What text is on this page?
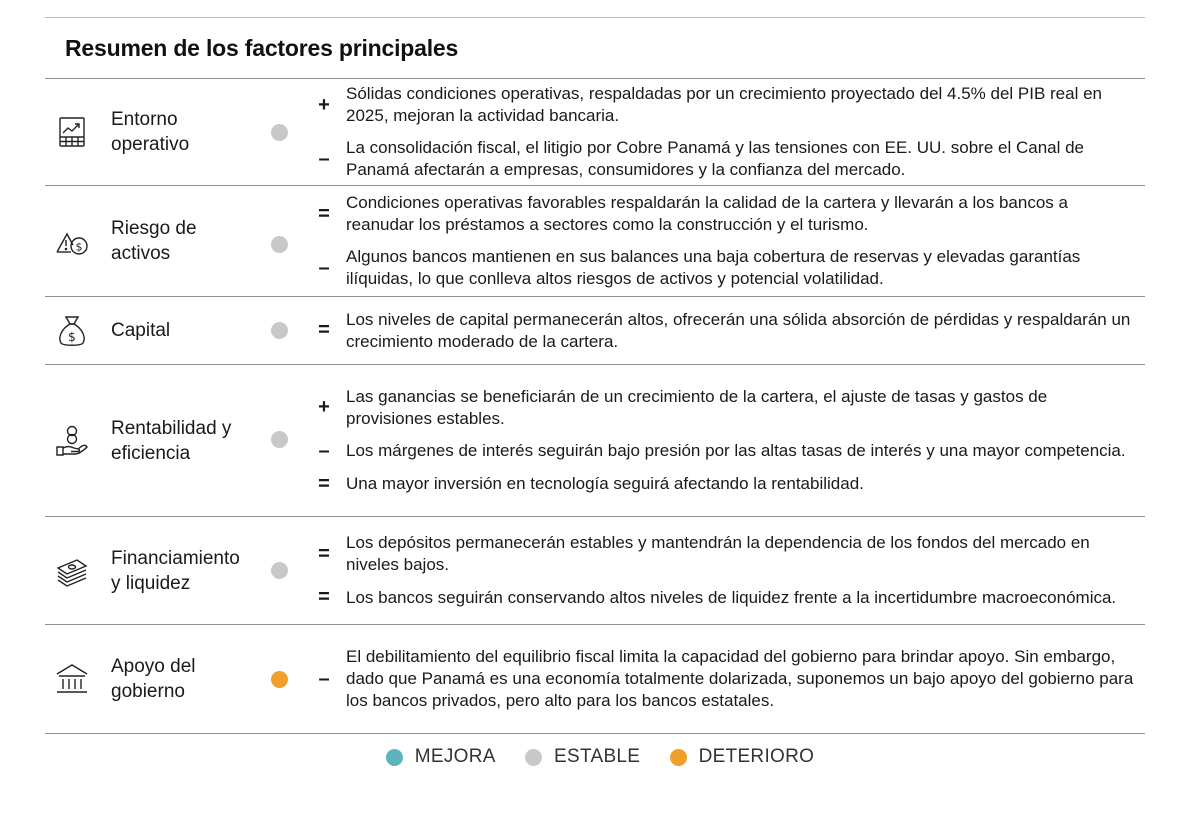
Resumen de los factores principales
Entorno
operativo
+ Sólidas condiciones operativas, respaldadas por un crecimiento proyectado del 4.5% del PIB real en 2025, mejoran la actividad bancaria.
– La consolidación fiscal, el litigio por Cobre Panamá y las tensiones con EE. UU. sobre el Canal de Panamá afectarán a empresas, consumidores y la confianza del mercado.
$
Riesgo de
activos
= Condiciones operativas favorables respaldarán la calidad de la cartera y llevarán a los bancos a reanudar los préstamos a sectores como la construcción y el turismo.
– Algunos bancos mantienen en sus balances una baja cobertura de reservas y elevadas garantías ilíquidas, lo que conlleva altos riesgos de activos y potencial volatilidad.
$ Capital	= Los niveles de capital permanecerán altos, ofrecerán una sólida absorción de pérdidas y respaldarán un crecimiento moderado de la cartera.
Rentabilidad y
eficiencia
+ Las ganancias se beneficiarán de un crecimiento de la cartera, el ajuste de tasas y gastos de provisiones estables.
– Los márgenes de interés seguirán bajo presión por las altas tasas de interés y una mayor competencia.
= Una mayor inversión en tecnología seguirá afectando la rentabilidad.
Financiamiento
y liquidez
= Los depósitos permanecerán estables y mantendrán la dependencia de los fondos del mercado en niveles bajos.
= Los bancos seguirán conservando altos niveles de liquidez frente a la incertidumbre macroeconómica.
Apoyo del
gobierno
–
El debilitamiento del equilibrio fiscal limita la capacidad del gobierno para brindar apoyo. Sin embargo, dado que Panamá es una economía totalmente dolarizada, suponemos un bajo apoyo del gobierno para los bancos privados, pero alto para los bancos estatales.
MEJORA
	ESTABLE
	DETERIORO
